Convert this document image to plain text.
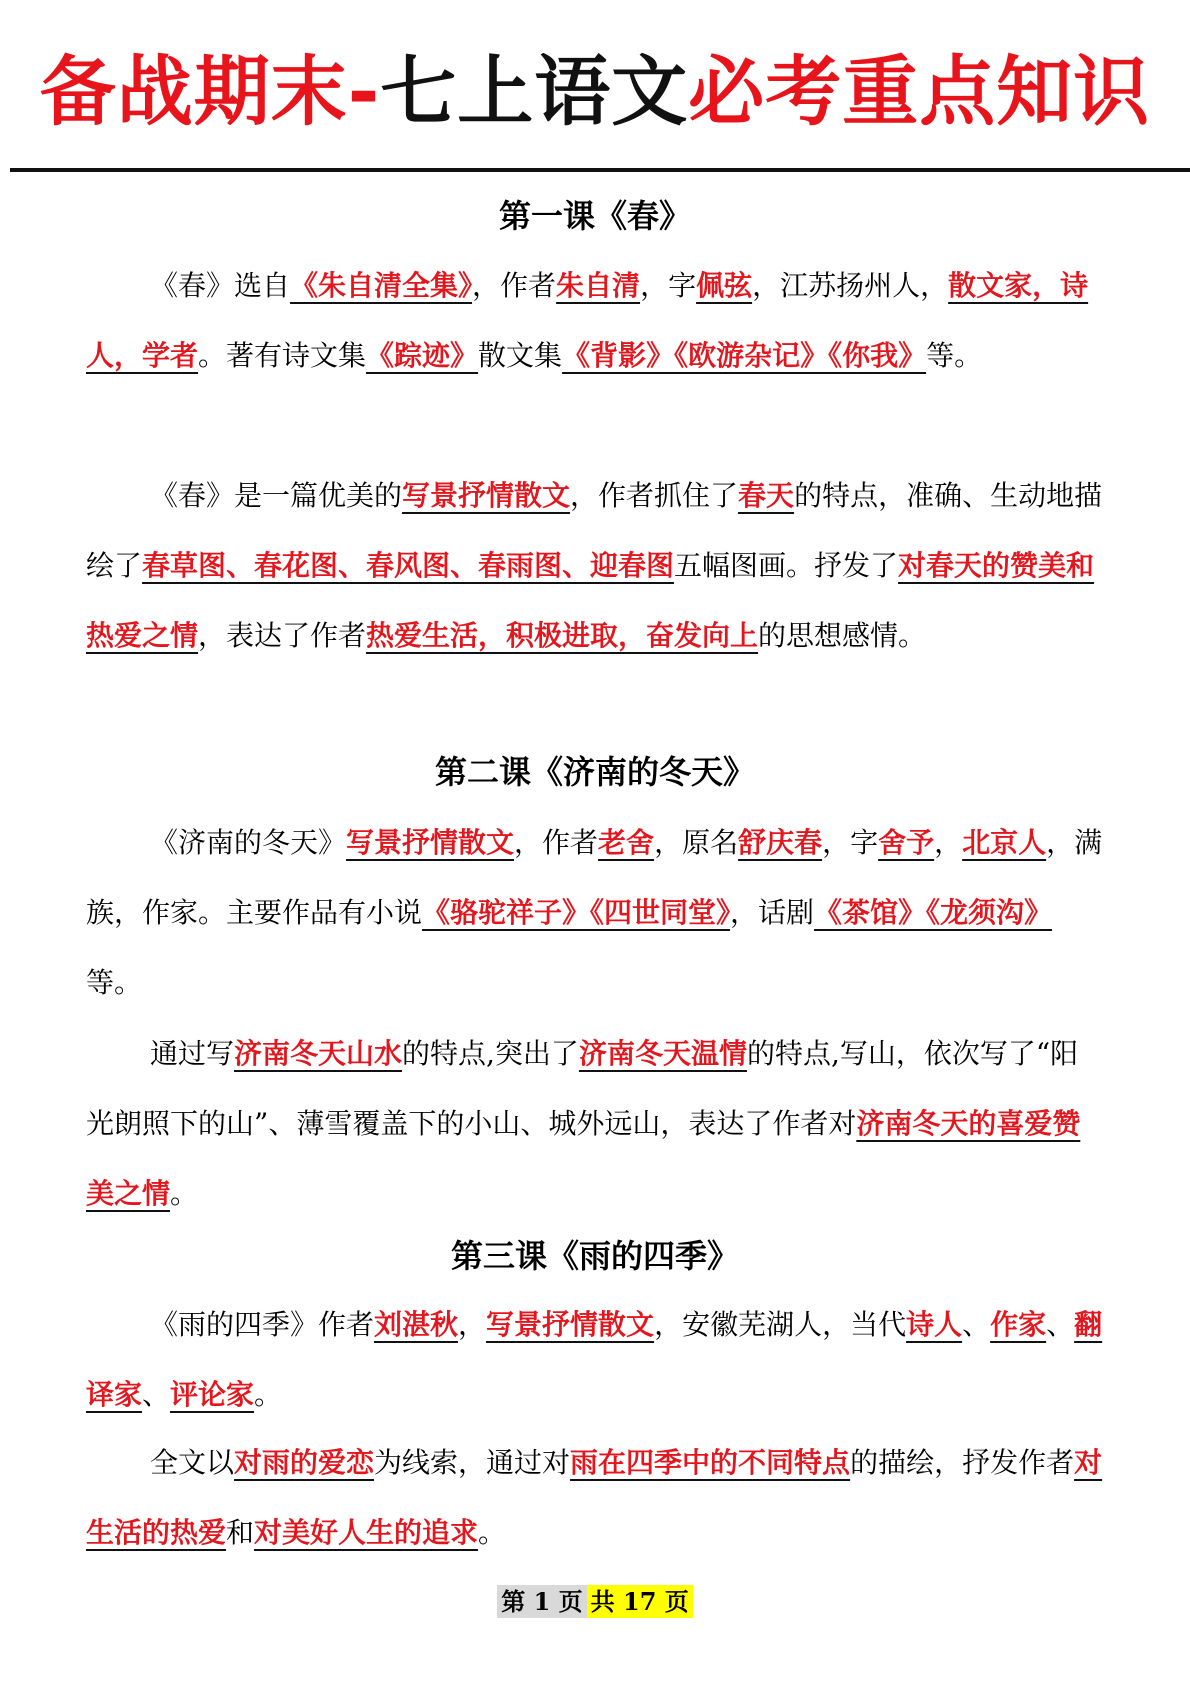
备战期末-七上语文必考重点知识
第一课《春》
《春》选自《朱自清全集》，作者朱自清，字佩弦，江苏扬州人，散文家，诗人，学者。著有诗文集《踪迹》散文集《背影》《欧游杂记》《你我》等。
《春》是一篇优美的写景抒情散文，作者抓住了春天的特点，准确、生动地描绘了春草图、春花图、春风图、春雨图、迎春图五幅图画。抒发了对春天的赞美和热爱之情，表达了作者热爱生活，积极进取，奋发向上的思想感情。
第二课《济南的冬天》
《济南的冬天》写景抒情散文，作者老舍，原名舒庆春，字舍予，北京人，满族，作家。主要作品有小说《骆驼祥子》《四世同堂》，话剧《茶馆》《龙须沟》等。
通过写济南冬天山水的特点,突出了济南冬天温情的特点,写山，依次写了“阳光朗照下的山”、薄雪覆盖下的小山、城外远山，表达了作者对济南冬天的喜爱赞美之情。
第三课《雨的四季》
《雨的四季》作者刘湛秋，写景抒情散文，安徽芜湖人，当代诗人、作家、翻译家、评论家。
全文以对雨的爱恋为线索，通过对雨在四季中的不同特点的描绘，抒发作者对生活的热爱和对美好人生的追求。
第 1 页 共 17 页
